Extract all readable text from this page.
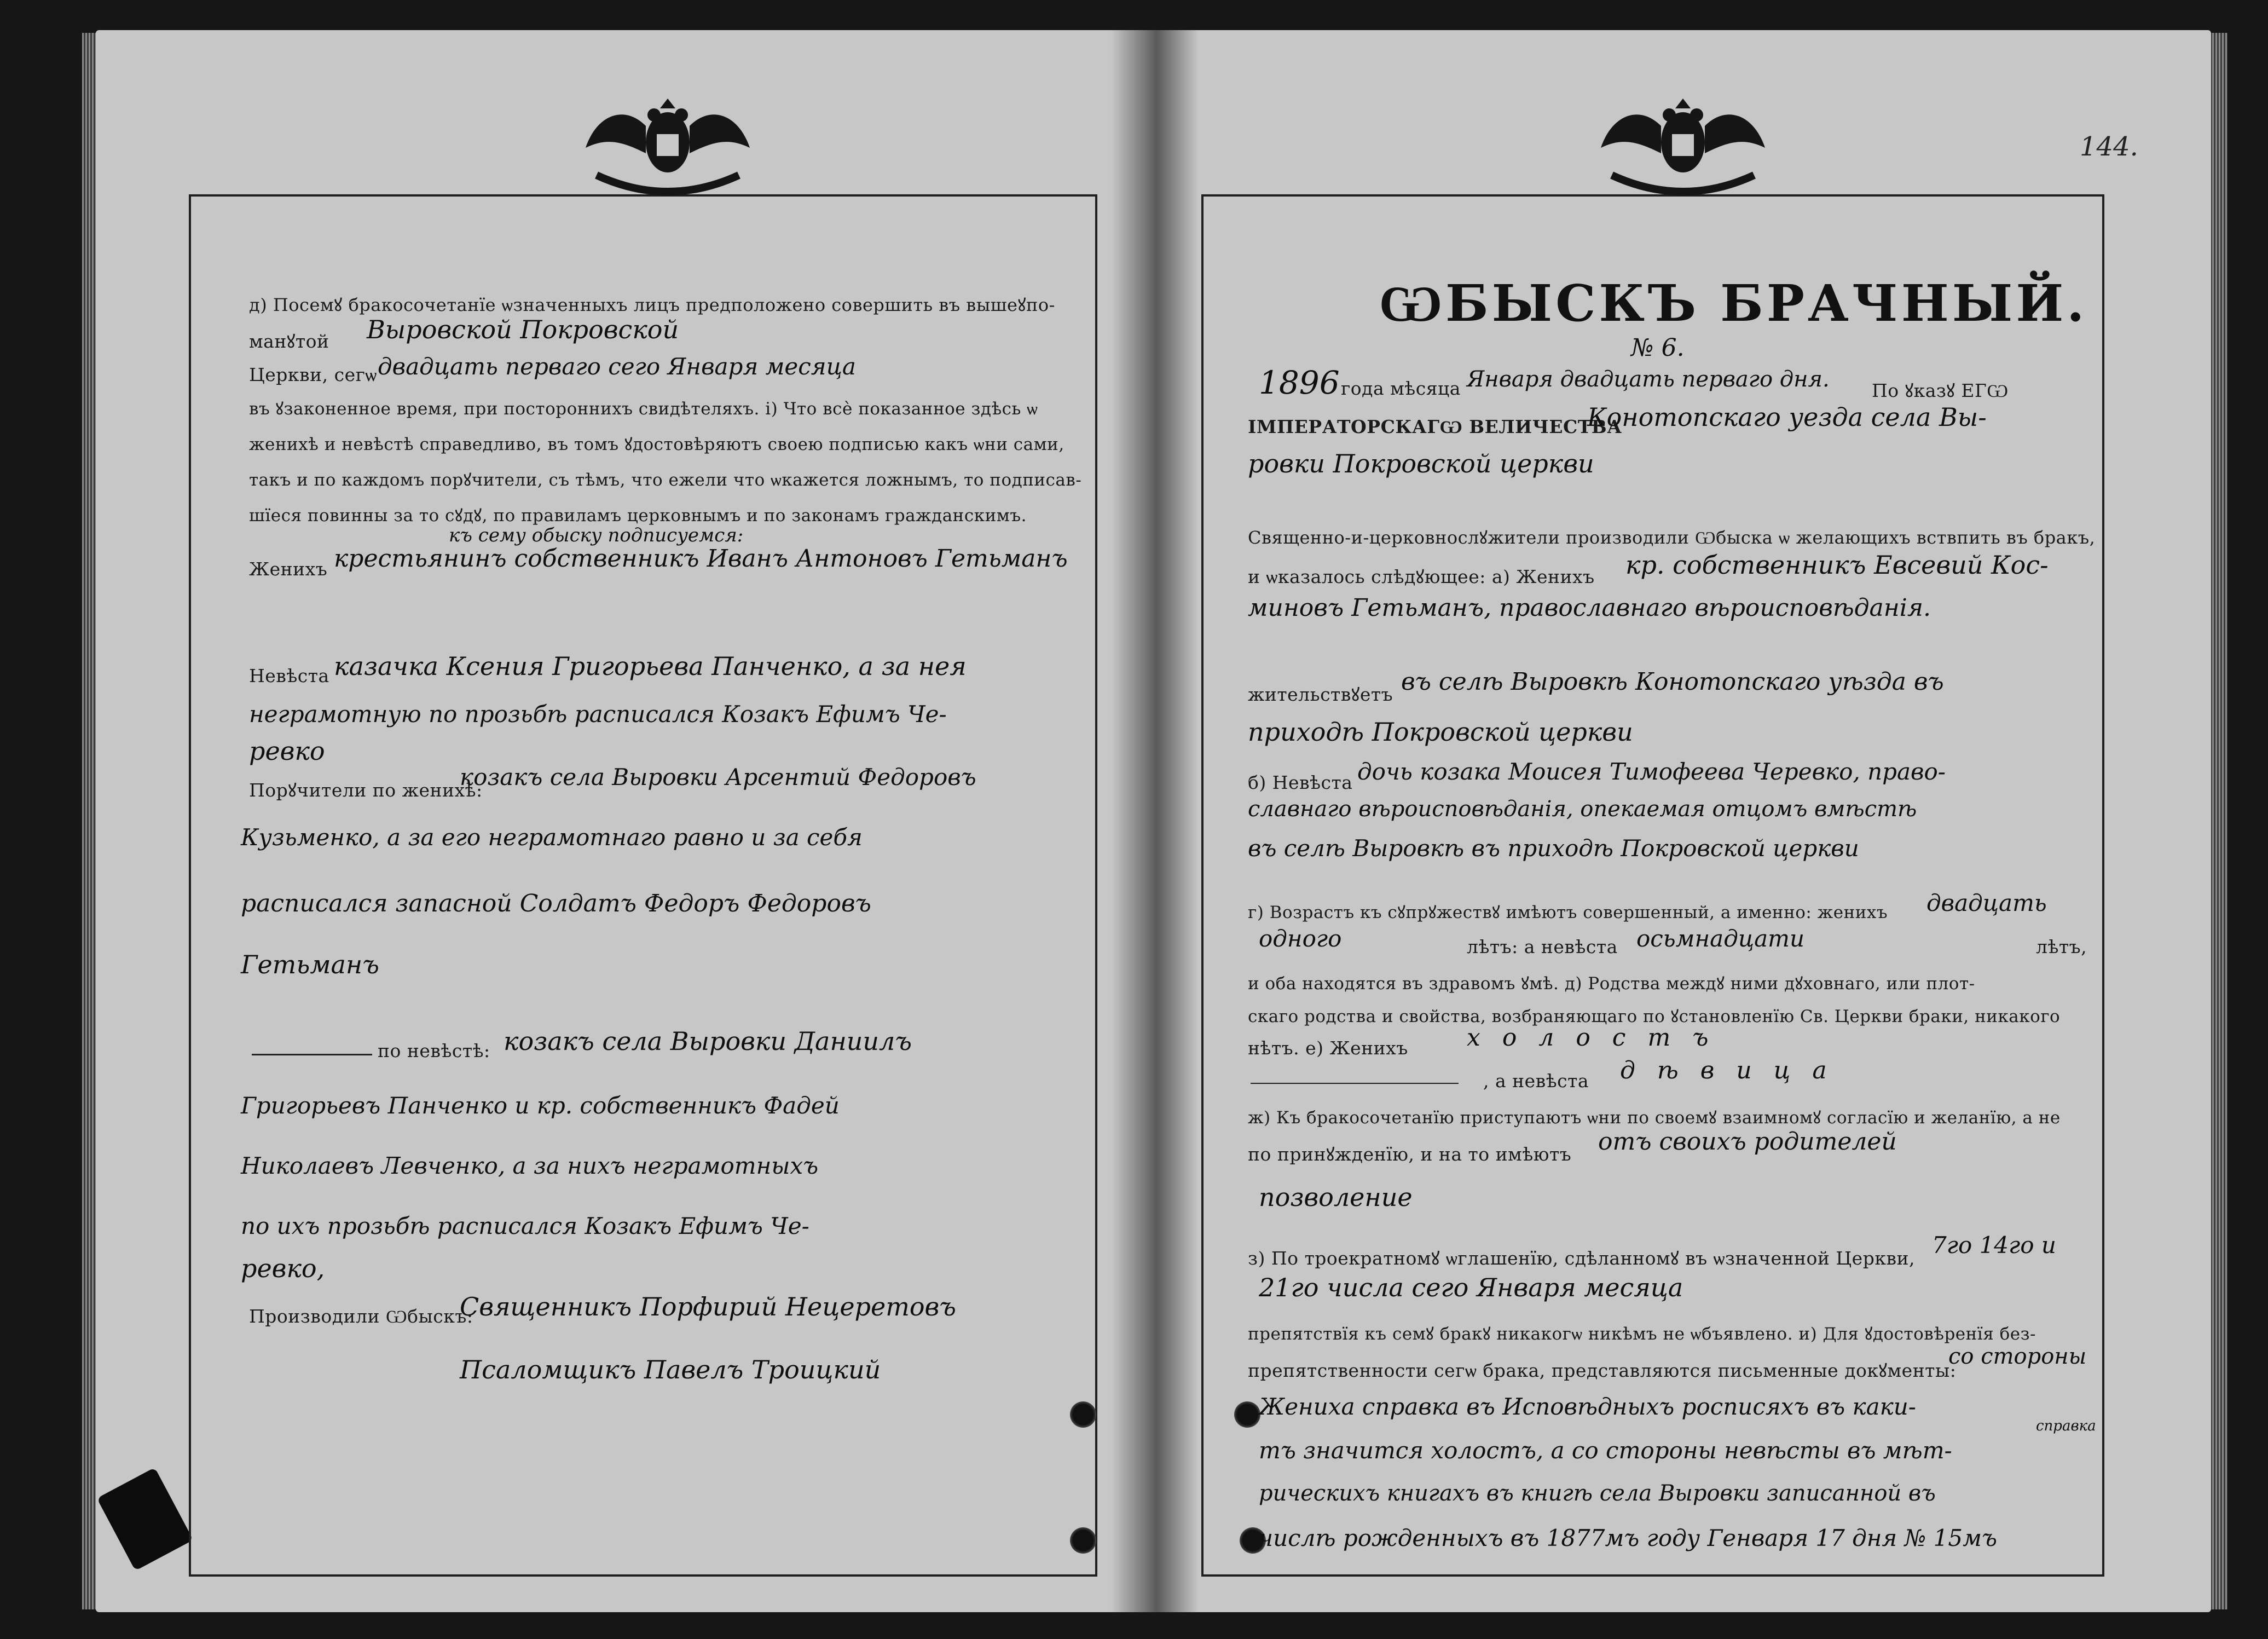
144.
д) Посемꙋ бракосочетанїе ѡзначенныхъ лицъ предположено совершить въ вышеꙋпо-
манꙋтой Выровской Покровской
Церкви, сегѡ двадцать перваго сего Января месяца
въ ꙋзаконенное время, при постороннихъ свидѣтеляхъ. і) Что всѐ показанное здѣсь ѡ
женихѣ и невѣстѣ справедливо, въ томъ ꙋдостовѣряютъ своею подписью какъ ѡни сами,
такъ и по каждомъ порꙋчители, съ тѣмъ, что ежели что ѡкажется ложнымъ, то подписав-
шїеся повинны за то сꙋдꙋ, по правиламъ церковнымъ и по законамъ гражданскимъ.
къ сему обыску подписуемся:
Женихъ крестьянинъ собственникъ Иванъ Антоновъ Гетьманъ
Невѣста казачка Ксения Григорьева Панченко, а за нея
неграмотную по прозьбѣ расписался Козакъ Ефимъ Че-
ревко
Порꙋчители по женихѣ:
козакъ села Выровки Арсентий Федоровъ
Кузьменко, а за его неграмотнаго равно и за себя
расписался запасной Солдатъ Федоръ Федоровъ
Гетьманъ
по невѣстѣ: козакъ села Выровки Даниилъ
Григорьевъ Панченко и кр. собственникъ Фадей
Николаевъ Левченко, а за нихъ неграмотныхъ
по ихъ прозьбѣ расписался Козакъ Ефимъ Че-
ревко,
Производили Ѡбыскъ:
Священникъ Порфирий Нецеретовъ
Псаломщикъ Павелъ Троицкий
ѠБЫСКЪ БРАЧНЫЙ.
№ 6.
1896 года мѣсяца Января двадцать перваго дня. По ꙋказꙋ ЕГѠ
ІМПЕРАТОРСКАГѠ ВЕЛИЧЕСТВА
Конотопскаго уезда села Вы-
ровки Покровской церкви
Священно-и-церковнослꙋжители производили Ѡбыска ѡ желающихъ вствпить въ бракъ,
и ѡказалось слѣдꙋющее: а) Женихъ кр. собственникъ Евсевий Кос-
миновъ Гетьманъ, православнаго вѣроисповѣданія.
жительствꙋетъ въ селѣ Выровкѣ Конотопскаго уѣзда въ
приходѣ Покровской церкви
б) Невѣста дочь козака Моисея Тимофеева Черевко, право-
славнаго вѣроисповѣданія, опекаемая отцомъ вмѣстѣ
въ селѣ Выровкѣ въ приходѣ Покровской церкви
г) Возрастъ къ сꙋпрꙋжествꙋ имѣютъ совершенный, а именно: женихъ двадцать
одного	лѣтъ: а невѣста осьмнадцати	лѣтъ,
и оба находятся въ здравомъ ꙋмѣ. д) Родства междꙋ ними дꙋховнаго, или плот-
скаго родства и свойства, возбраняющаго по ꙋстановленїю Св. Церкви браки, никакого
нѣтъ. е) Женихъ холостъ
, а невѣста дѣвица
ж) Къ бракосочетанїю приступаютъ ѡни по своемꙋ взаимномꙋ согласїю и желанїю, а не
по принꙋжденїю, и на то имѣютъ отъ своихъ родителей
позволение
з) По троекратномꙋ ѡглашенїю, сдѣланномꙋ въ ѡзначенной Церкви, 7го 14го и
21го числа сего Января месяца
препятствїя къ семꙋ бракꙋ никакогѡ никѣмъ не ѡбъявлено. и) Для ꙋдостовѣренїя без-
препятственности сегѡ брака, представляются письменные докꙋменты:
со стороны
Жениха справка въ Исповѣдныхъ росписяхъ въ каки-
справка
тъ значится холостъ, а со стороны невѣсты въ мѣт-
рическихъ книгахъ въ книгѣ села Выровки записанной въ
числѣ рожденныхъ въ 1877мъ году Генваря 17 дня № 15мъ
